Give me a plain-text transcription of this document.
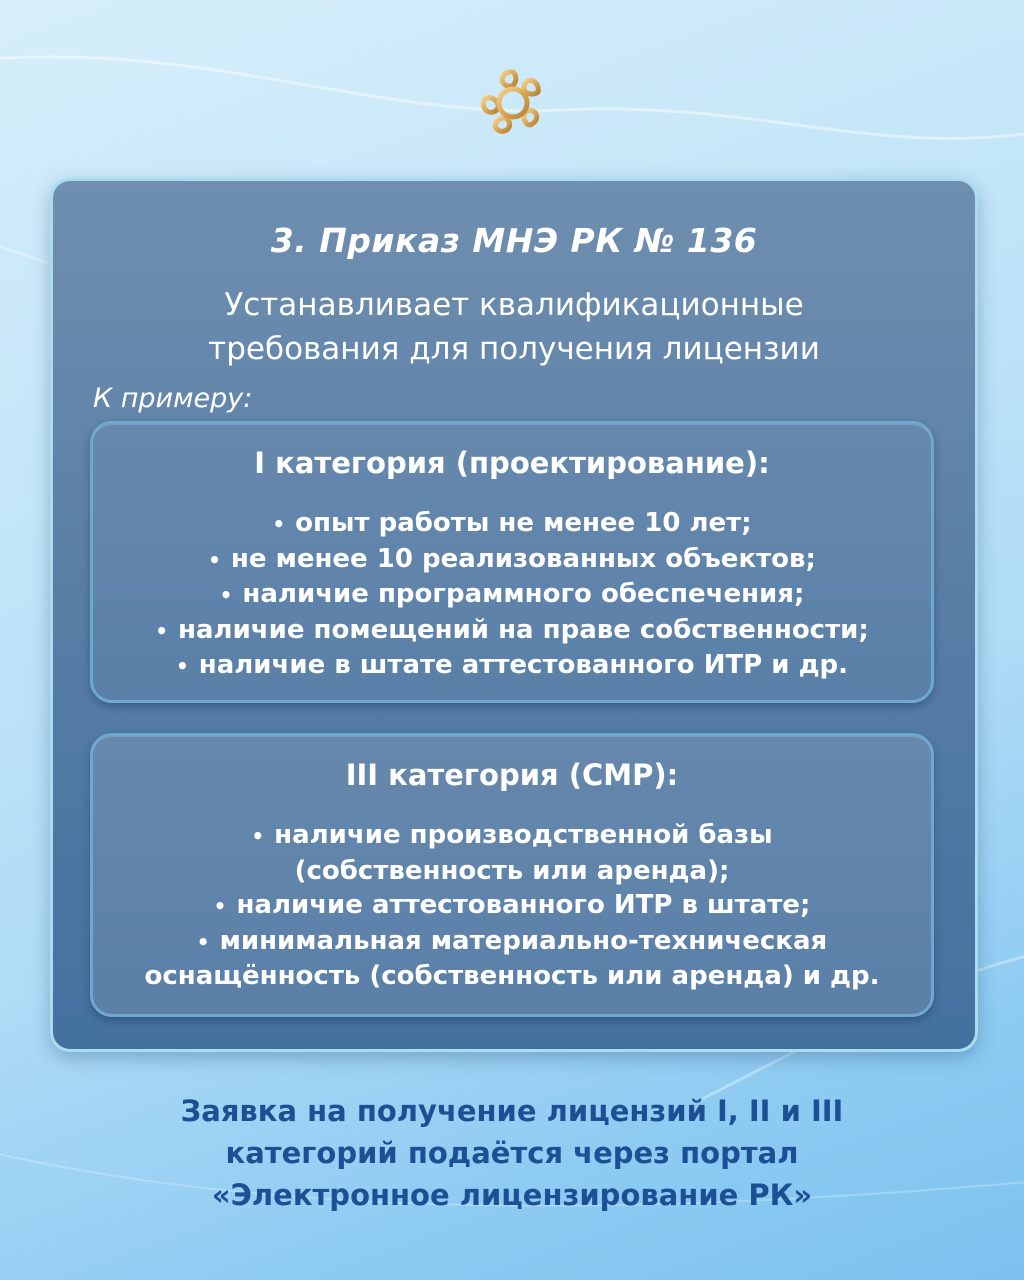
3. Приказ МНЭ РК № 136
Устанавливает квалификационные
требования для получения лицензии
К примеру:
I категория (проектирование):
• опыт работы не менее 10 лет;
• не менее 10 реализованных объектов;
• наличие программного обеспечения;
• наличие помещений на праве собственности;
• наличие в штате аттестованного ИТР и др.
III категория (СМР):
• наличие производственной базы
(собственность или аренда);
• наличие аттестованного ИТР в штате;
• минимальная материально-техническая
оснащённость (собственность или аренда) и др.
Заявка на получение лицензий I, II и III
категорий подаётся через портал
«Электронное лицензирование РК»
